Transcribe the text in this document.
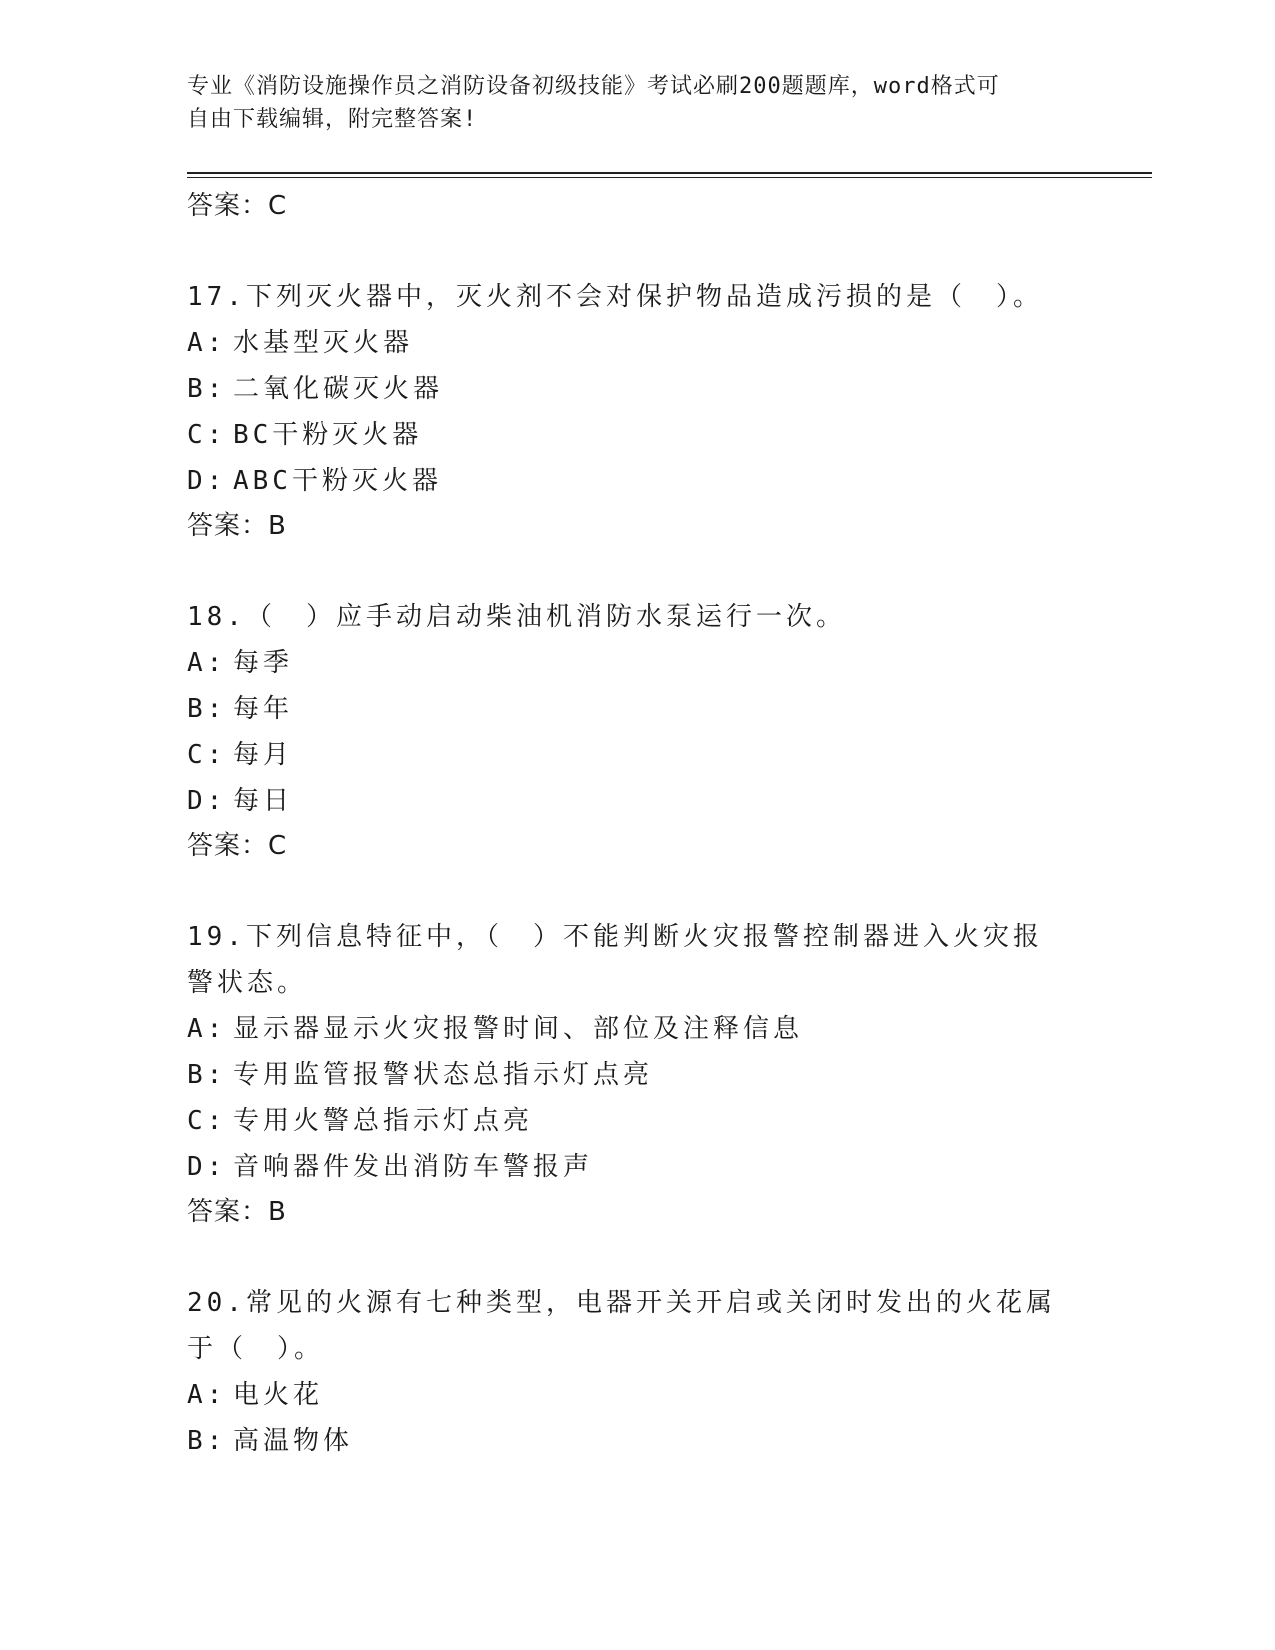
专业《消防设施操作员之消防设备初级技能》考试必刷200题题库，word格式可
自由下载编辑，附完整答案!

答案：C

17.下列灭火器中，灭火剂不会对保护物品造成污损的是（　）。

A: 水基型灭火器

B: 二氧化碳灭火器

C: BC干粉灭火器

D: ABC干粉灭火器

答案：B

18.（　）应手动启动柴油机消防水泵运行一次。

A: 每季

B: 每年

C: 每月

D: 每日

答案：C

19.下列信息特征中，（　）不能判断火灾报警控制器进入火灾报警状态。

A: 显示器显示火灾报警时间、部位及注释信息

B: 专用监管报警状态总指示灯点亮

C: 专用火警总指示灯点亮

D: 音响器件发出消防车警报声

答案：B

20.常见的火源有七种类型，电器开关开启或关闭时发出的火花属于（　）。

A: 电火花

B: 高温物体
